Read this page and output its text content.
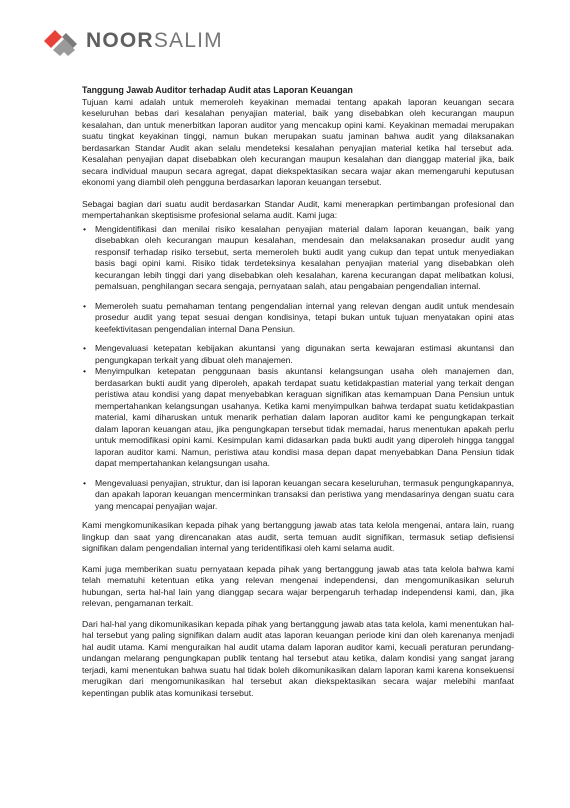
NOORSALIM
Tanggung Jawab Auditor terhadap Audit atas Laporan Keuangan

Tujuan kami adalah untuk memeroleh keyakinan memadai tentang apakah laporan keuangan secara keseluruhan bebas dari kesalahan penyajian material, baik yang disebabkan oleh kecurangan maupun kesalahan, dan untuk menerbitkan laporan auditor yang mencakup opini kami. Keyakinan memadai merupakan suatu tingkat keyakinan tinggi, namun bukan merupakan suatu jaminan bahwa audit yang dilaksanakan berdasarkan Standar Audit akan selalu mendeteksi kesalahan penyajian material ketika hal tersebut ada. Kesalahan penyajian dapat disebabkan oleh kecurangan maupun kesalahan dan dianggap material jika, baik secara individual maupun secara agregat, dapat diekspektasikan secara wajar akan memengaruhi keputusan ekonomi yang diambil oleh pengguna berdasarkan laporan keuangan tersebut.

Sebagai bagian dari suatu audit berdasarkan Standar Audit, kami menerapkan pertimbangan profesional dan mempertahankan skeptisisme profesional selama audit. Kami juga:

• Mengidentifikasi dan menilai risiko kesalahan penyajian material dalam laporan keuangan, baik yang disebabkan oleh kecurangan maupun kesalahan, mendesain dan melaksanakan prosedur audit yang responsif terhadap risiko tersebut, serta memeroleh bukti audit yang cukup dan tepat untuk menyediakan basis bagi opini kami. Risiko tidak terdeteksinya kesalahan penyajian material yang disebabkan oleh kecurangan lebih tinggi dari yang disebabkan oleh kesalahan, karena kecurangan dapat melibatkan kolusi, pemalsuan, penghilangan secara sengaja, pernyataan salah, atau pengabaian pengendalian internal.
• Memeroleh suatu pemahaman tentang pengendalian internal yang relevan dengan audit untuk mendesain prosedur audit yang tepat sesuai dengan kondisinya, tetapi bukan untuk tujuan menyatakan opini atas keefektivitasan pengendalian internal Dana Pensiun.
• Mengevaluasi ketepatan kebijakan akuntansi yang digunakan serta kewajaran estimasi akuntansi dan pengungkapan terkait yang dibuat oleh manajemen.
• Menyimpulkan ketepatan penggunaan basis akuntansi kelangsungan usaha oleh manajemen dan, berdasarkan bukti audit yang diperoleh, apakah terdapat suatu ketidakpastian material yang terkait dengan peristiwa atau kondisi yang dapat menyebabkan keraguan signifikan atas kemampuan Dana Pensiun untuk mempertahankan kelangsungan usahanya. Ketika kami menyimpulkan bahwa terdapat suatu ketidakpastian material, kami diharuskan untuk menarik perhatian dalam laporan auditor kami ke pengungkapan terkait dalam laporan keuangan atau, jika pengungkapan tersebut tidak memadai, harus menentukan apakah perlu untuk memodifikasi opini kami. Kesimpulan kami didasarkan pada bukti audit yang diperoleh hingga tanggal laporan auditor kami. Namun, peristiwa atau kondisi masa depan dapat menyebabkan Dana Pensiun tidak dapat mempertahankan kelangsungan usaha.
• Mengevaluasi penyajian, struktur, dan isi laporan keuangan secara keseluruhan, termasuk pengungkapannya, dan apakah laporan keuangan mencerminkan transaksi dan peristiwa yang mendasarinya dengan suatu cara yang mencapai penyajian wajar.

Kami mengkomunikasikan kepada pihak yang bertanggung jawab atas tata kelola mengenai, antara lain, ruang lingkup dan saat yang direncanakan atas audit, serta temuan audit signifikan, termasuk setiap defisiensi signifikan dalam pengendalian internal yang teridentifikasi oleh kami selama audit.

Kami juga memberikan suatu pernyataan kepada pihak yang bertanggung jawab atas tata kelola bahwa kami telah mematuhi ketentuan etika yang relevan mengenai independensi, dan mengomunikasikan seluruh hubungan, serta hal-hal lain yang dianggap secara wajar berpengaruh terhadap independensi kami, dan, jika relevan, pengamanan terkait.

Dari hal-hal yang dikomunikasikan kepada pihak yang bertanggung jawab atas tata kelola, kami menentukan hal-hal tersebut yang paling signifikan dalam audit atas laporan keuangan periode kini dan oleh karenanya menjadi hal audit utama. Kami menguraikan hal audit utama dalam laporan auditor kami, kecuali peraturan perundang-undangan melarang pengungkapan publik tentang hal tersebut atau ketika, dalam kondisi yang sangat jarang terjadi, kami menentukan bahwa suatu hal tidak boleh dikomunikasikan dalam laporan kami karena konsekuensi merugikan dari mengomunikasikan hal tersebut akan diekspektasikan secara wajar melebihi manfaat kepentingan publik atas komunikasi tersebut.
